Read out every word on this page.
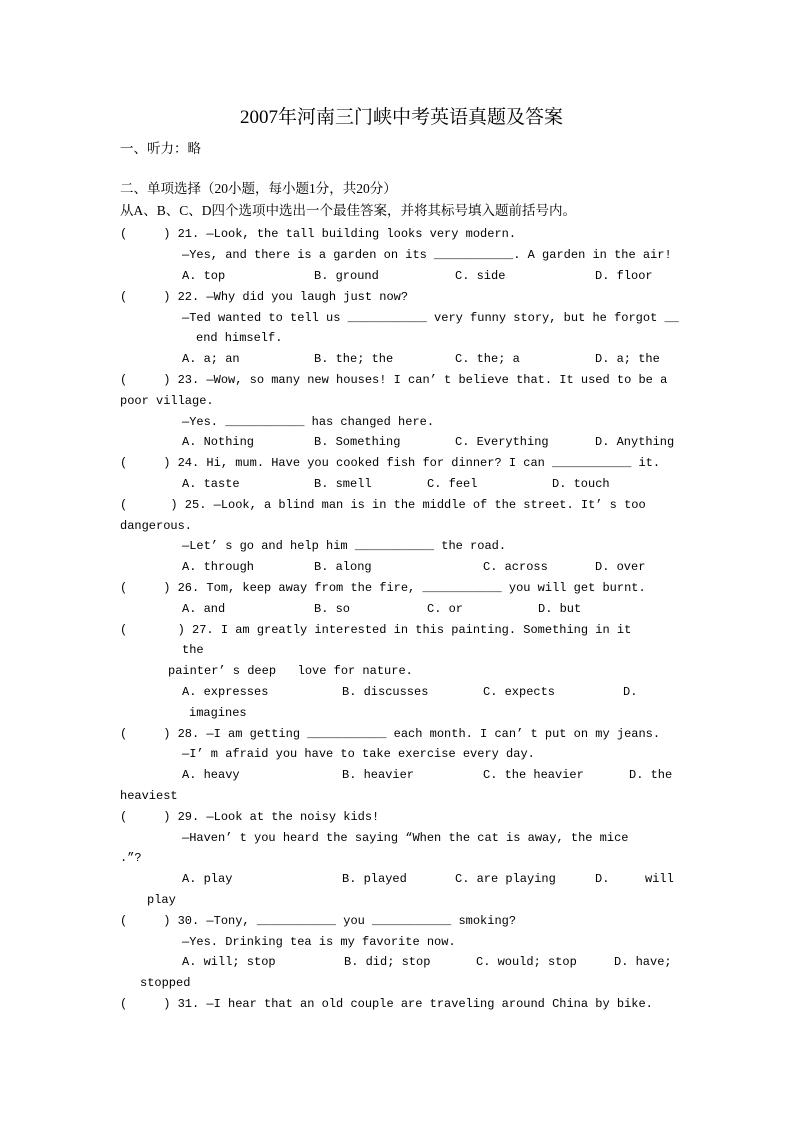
2007年河南三门峡中考英语真题及答案
一、听力：略
二、单项选择（20小题，每小题1分，共20分）
从A、B、C、D四个选项中选出一个最佳答案，并将其标号填入题前括号内。
(     ) 21. —Look, the tall building looks very modern.
—Yes, and there is a garden on its ___________. A garden in the air!
A. top	B. ground	C. side	D. floor
(     ) 22. —Why did you laugh just now?
—Ted wanted to tell us ___________ very funny story, but he forgot __
end himself.
A. a; an	B. the; the	C. the; a	D. a; the
(     ) 23. —Wow, so many new houses! I can’ t believe that. It used to be a
poor village.
—Yes. ___________ has changed here.
A. Nothing	B. Something	C. Everything	D. Anything
(     ) 24. Hi, mum. Have you cooked fish for dinner? I can ___________ it.
A. taste	B. smell	C. feel	D. touch
(      ) 25. —Look, a blind man is in the middle of the street. It’ s too
dangerous.
—Let’ s go and help him ___________ the road.
A. through	B. along	C. across	D. over
(     ) 26. Tom, keep away from the fire, ___________ you will get burnt.
A. and	B. so	C. or	D. but
(       ) 27. I am greatly interested in this painting. Something in it
the
painter’ s deep   love for nature.
A. expresses	B. discusses	C. expects	D.
imagines
(     ) 28. —I am getting ___________ each month. I can’ t put on my jeans.
—I’ m afraid you have to take exercise every day.
A. heavy	B. heavier	C. the heavier	D. the
heaviest
(     ) 29. —Look at the noisy kids!
—Haven’ t you heard the saying “When the cat is away, the mice
.”?
A. play	B. played	C. are playing	D.	will
play
(     ) 30. —Tony, ___________ you ___________ smoking?
—Yes. Drinking tea is my favorite now.
A. will; stop	B. did; stop	C. would; stop	D. have;
stopped
(     ) 31. —I hear that an old couple are traveling around China by bike.
